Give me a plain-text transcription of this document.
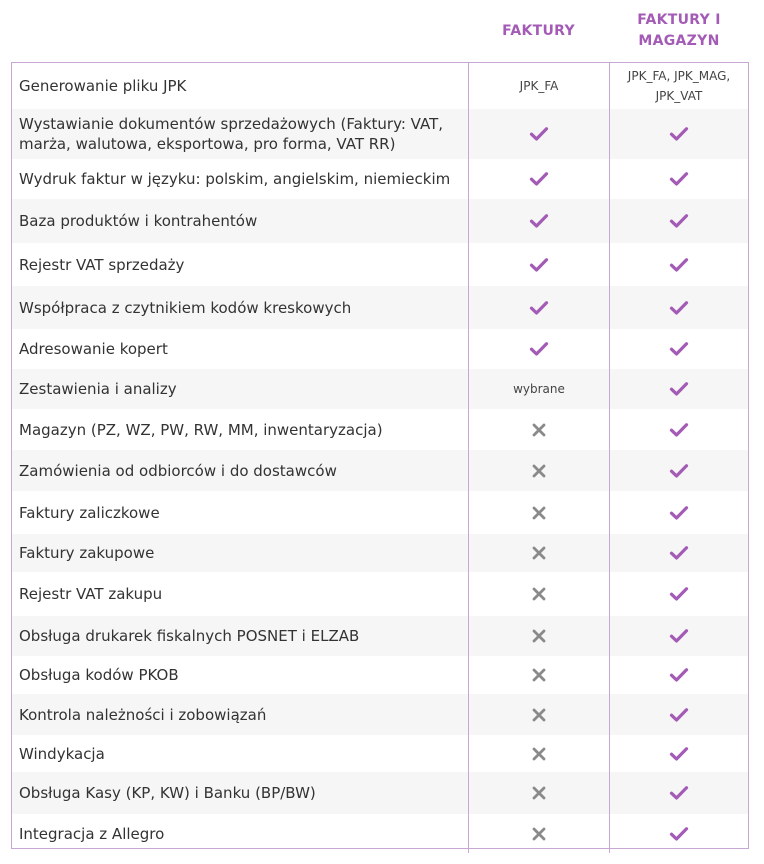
FAKTURY
FAKTURY I
MAGAZYN
Generowanie pliku JPK	JPK_FA
JPK_FA, JPK_MAG,
JPK_VAT
Wystawianie dokumentów sprzedażowych (Faktury: VAT, marża, walutowa, eksportowa, pro forma, VAT RR)
Wydruk faktur w języku: polskim, angielskim, niemieckim
Baza produktów i kontrahentów
Rejestr VAT sprzedaży
Współpraca z czytnikiem kodów kreskowych
Adresowanie kopert
Zestawienia i analizy	wybrane
Magazyn (PZ, WZ, PW, RW, MM, inwentaryzacja)
Zamówienia od odbiorców i do dostawców
Faktury zaliczkowe
Faktury zakupowe
Rejestr VAT zakupu
Obsługa drukarek fiskalnych POSNET i ELZAB
Obsługa kodów PKOB
Kontrola należności i zobowiązań
Windykacja
Obsługa Kasy (KP, KW) i Banku (BP/BW)
Integracja z Allegro
